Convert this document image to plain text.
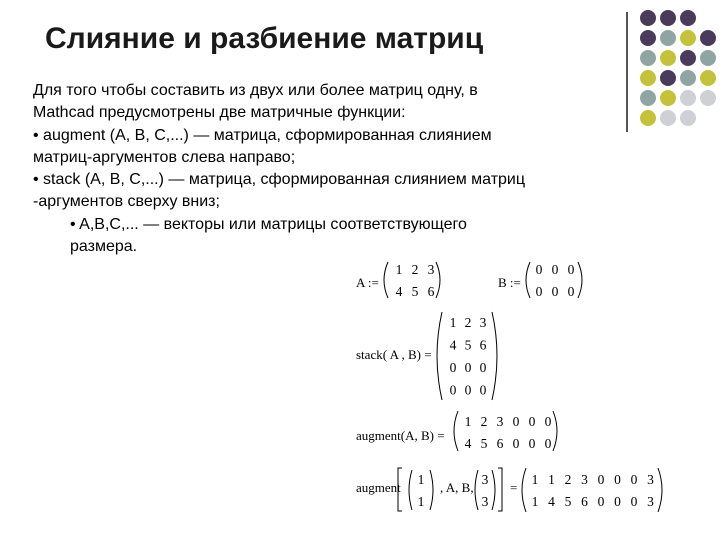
Слияние и разбиение матриц
Для того чтобы составить из двух или более матриц одну, в
Mathcad предусмотрены две матричные функции:
• augment (A, B, C,...) — матрица, сформированная слиянием
матриц-аргументов слева направо;
• stack (A, B, C,...) — матрица, сформированная слиянием матриц
-аргументов сверху вниз;
• A,B,C,... — векторы или матрицы соответствующего
размера.
A :=	B :=
stack( A , B) =
augment(A, B) =
augment	, A, B,	=
1 2 3
4 5 6
0 0 0
0 0 0
1 2 3
4 5 6
0 0 0
0 0 0
1 2 3 0 0 0
4 5 6 0 0 0
1
1
3
3
1 1 2 3 0 0 0 3
1 4 5 6 0 0 0 3
